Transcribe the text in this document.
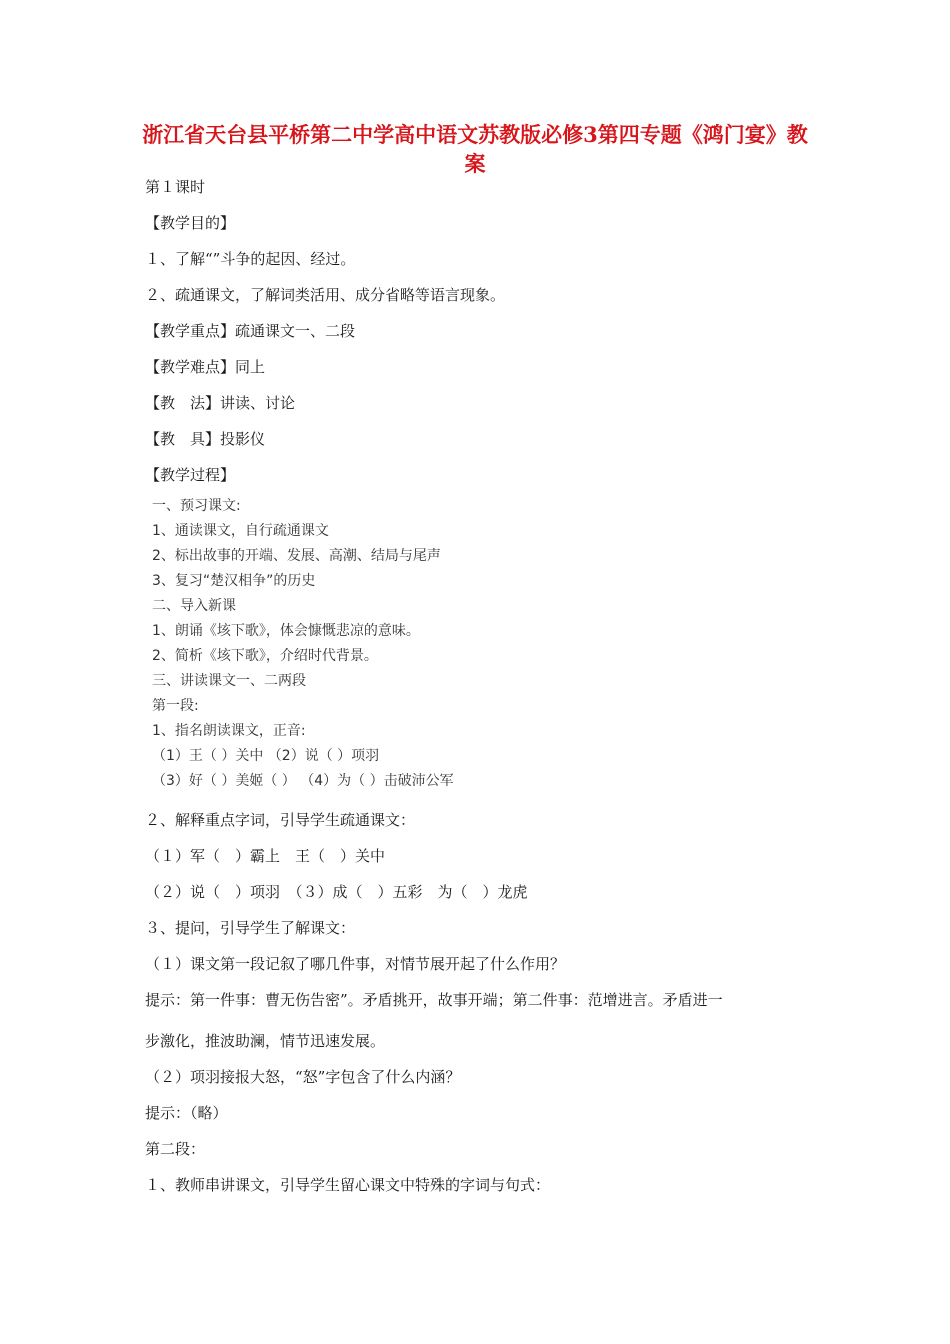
浙江省天台县平桥第二中学高中语文苏教版必修3第四专题《鸿门宴》教案

第１课时

【教学目的】

１、了解“”斗争的起因、经过。

２、疏通课文，了解词类活用、成分省略等语言现象。

【教学重点】疏通课文一、二段

【教学难点】同上

【教　法】讲读、讨论

【教　具】投影仪

【教学过程】

一、预习课文:

1、通读课文，自行疏通课文

2、标出故事的开端、发展、高潮、结局与尾声

3、复习“楚汉相争”的历史

二、导入新课

1、朗诵《垓下歌》，体会慷慨悲凉的意味。

2、简析《垓下歌》，介绍时代背景。

三、讲读课文一、二两段

第一段:

1、指名朗读课文，正音:

（1）王（ ）关中 （2）说（ ）项羽

（3）好（ ）美姬（ ） （4）为（ ）击破沛公军

２、解释重点字词，引导学生疏通课文：

（１）军（　）霸上　王（　）关中

（２）说（　）项羽　（３）成（　）五彩　为（　）龙虎

３、提问，引导学生了解课文：

（１）课文第一段记叙了哪几件事，对情节展开起了什么作用？

提示：第一件事：曹无伤告密”。矛盾挑开，故事开端；第二件事：范增进言。矛盾进一

步激化，推波助澜，情节迅速发展。

（２）项羽接报大怒，“怒”字包含了什么内涵？

提示：（略）

第二段：

１、教师串讲课文，引导学生留心课文中特殊的字词与句式：
